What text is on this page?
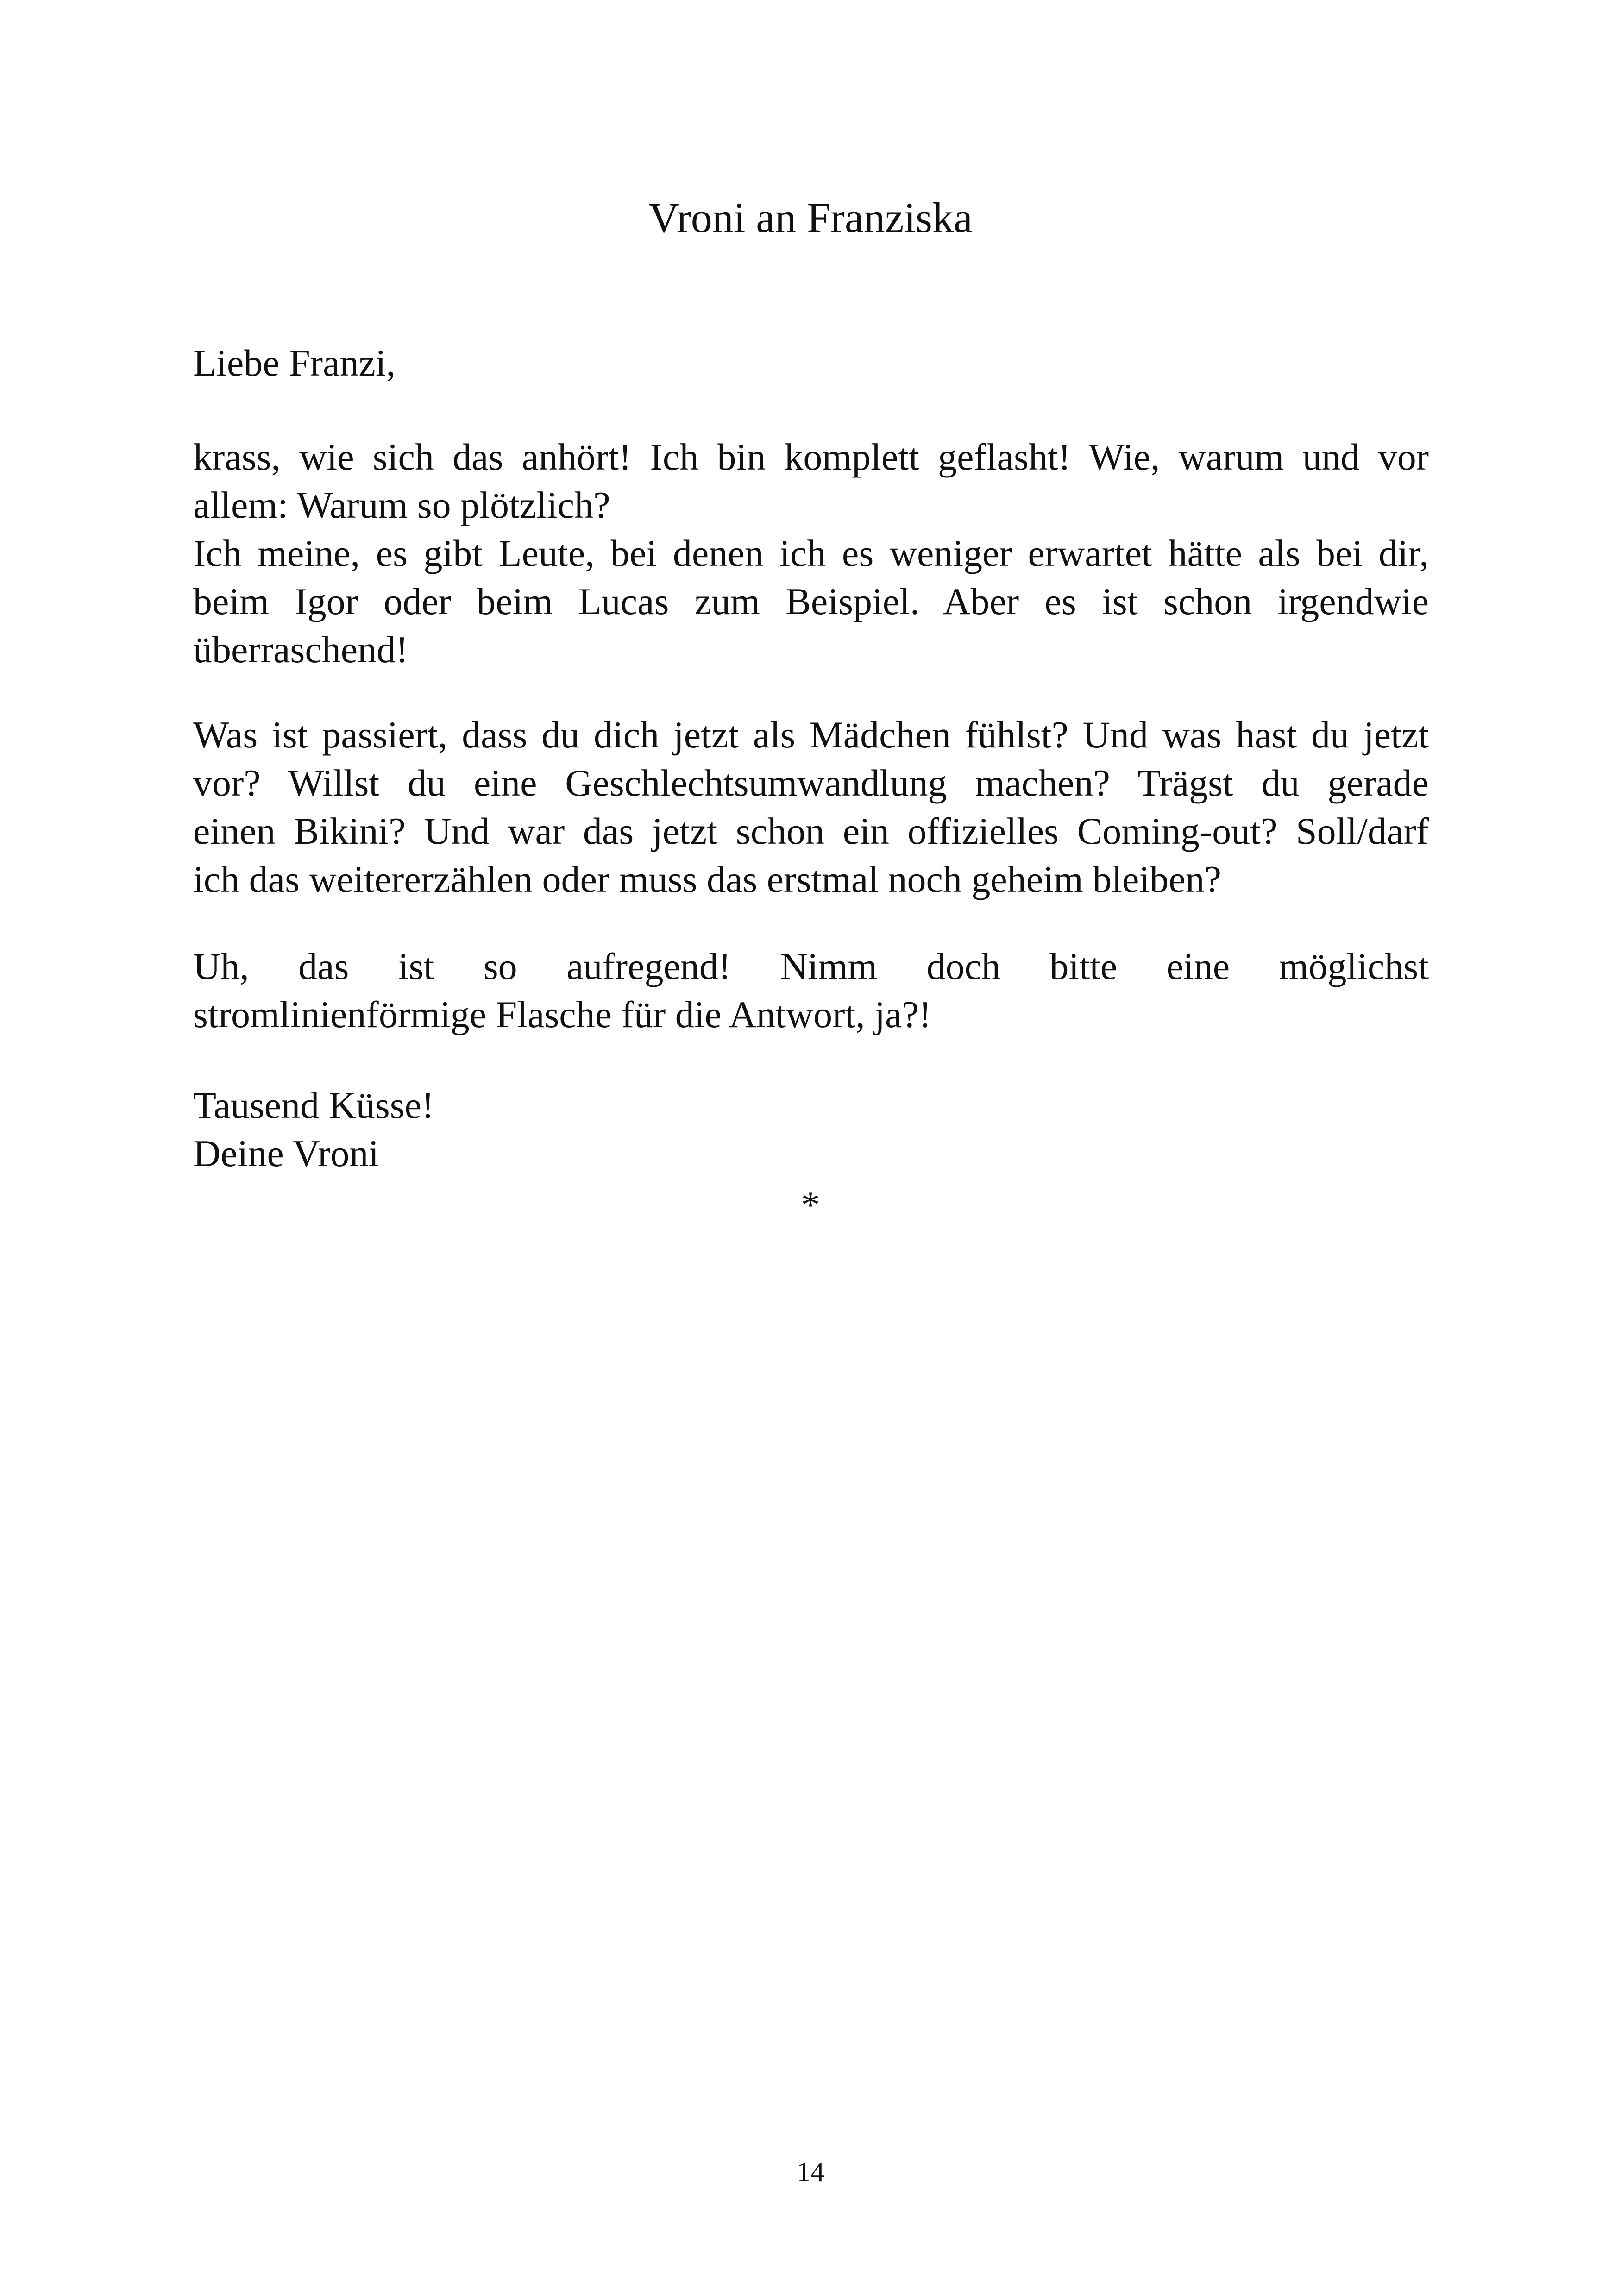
Vroni an Franziska

Liebe Franzi,

krass, wie sich das anhört! Ich bin komplett geflasht! Wie, warum und vor
allem: Warum so plötzlich?
Ich meine, es gibt Leute, bei denen ich es weniger erwartet hätte als bei dir,
beim Igor oder beim Lucas zum Beispiel. Aber es ist schon irgendwie
überraschend!

Was ist passiert, dass du dich jetzt als Mädchen fühlst? Und was hast du jetzt
vor? Willst du eine Geschlechtsumwandlung machen? Trägst du gerade
einen Bikini? Und war das jetzt schon ein offizielles Coming-out? Soll/darf
ich das weitererzählen oder muss das erstmal noch geheim bleiben?

Uh, das ist so aufregend! Nimm doch bitte eine möglichst
stromlinienförmige Flasche für die Antwort, ja?!

Tausend Küsse!
Deine Vroni

*

14
